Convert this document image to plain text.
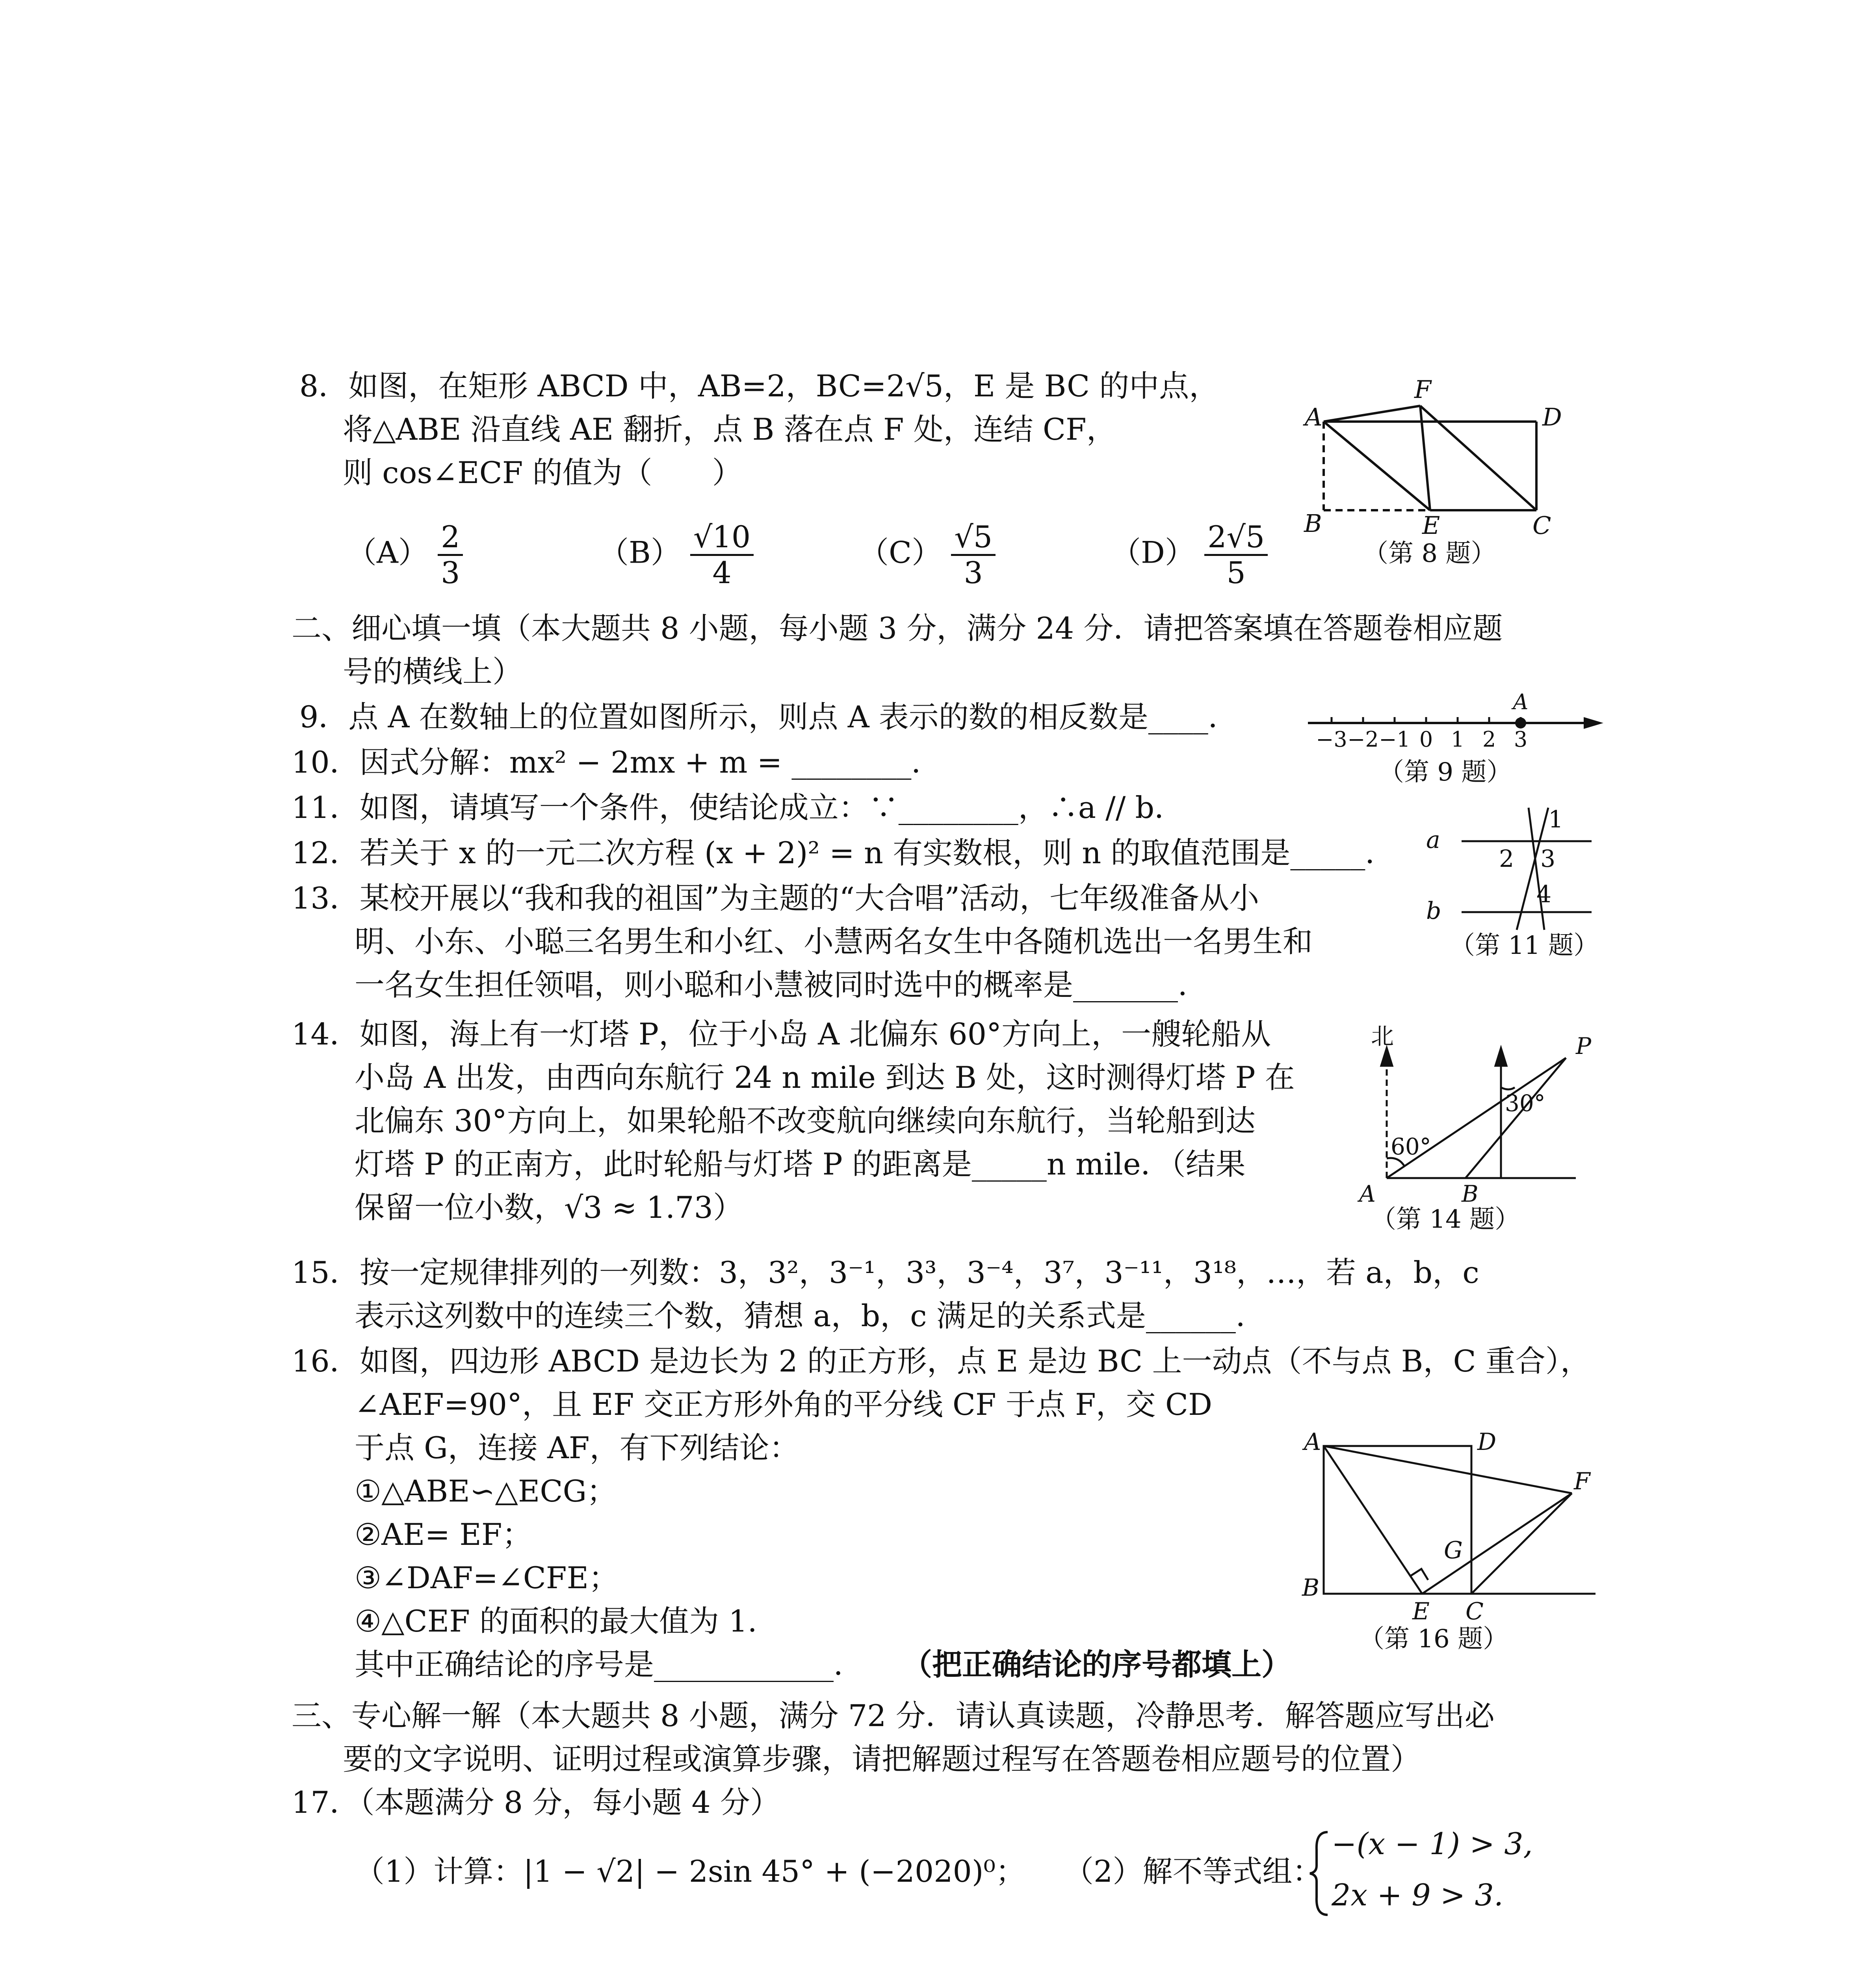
8．如图，在矩形 ABCD 中，AB=2，BC=2√5，E 是 BC 的中点，
将△ABE 沿直线 AE 翻折，点 B 落在点 F 处，连结 CF，
则 cos∠ECF 的值为（　　）
$(A) \frac{2}{3}$	$(B) \frac{√10}{4}$	$(C) \frac{√5}{3}$	$(D) \frac{2√5}{5}$
A
F
D
B	E	C
（第 8 题）
二、细心填一填（本大题共 8 小题，每小题 3 分，满分 24 分．请把答案填在答题卷相应题
号的横线上）
9．点 A 在数轴上的位置如图所示，则点 A 表示的数的相反数是____．
−3 −2 −1 0 1 2 3
A
（第 9 题）
10．因式分解：mx² − 2mx + m = ________．
11．如图，请填写一个条件，使结论成立：∵________，∴a // b．
a
b
1
2 3
4
（第 11 题）
12．若关于 x 的一元二次方程 (x + 2)² = n 有实数根，则 n 的取值范围是_____．
13．某校开展以“我和我的祖国”为主题的“大合唱”活动，七年级准备从小
明、小东、小聪三名男生和小红、小慧两名女生中各随机选出一名男生和
一名女生担任领唱，则小聪和小慧被同时选中的概率是_______．
14．如图，海上有一灯塔 P，位于小岛 A 北偏东 60°方向上，一艘轮船从
小岛 A 出发，由西向东航行 24 n mile 到达 B 处，这时测得灯塔 P 在
北偏东 30°方向上，如果轮船不改变航向继续向东航行，当轮船到达
灯塔 P 的正南方，此时轮船与灯塔 P 的距离是_____n mile．（结果
保留一位小数，√3 ≈ 1.73）
北
60°
30°
P
A	B
（第 14 题）
15．按一定规律排列的一列数：3，3²，3⁻¹，3³，3⁻⁴，3⁷，3⁻¹¹，3¹⁸，…，若 a，b，c
表示这列数中的连续三个数，猜想 a，b，c 满足的关系式是______．
16．如图，四边形 ABCD 是边长为 2 的正方形，点 E 是边 BC 上一动点（不与点 B，C 重合），
∠AEF=90°，且 EF 交正方形外角的平分线 CF 于点 F，交 CD
于点 G，连接 AF，有下列结论：
①△ABE∽△ECG；
②AE= EF；
③∠DAF=∠CFE；
④△CEF 的面积的最大值为 1.
其中正确结论的序号是____________． （把正确结论的序号都填上）
A	D
F
G
B
E C
（第 16 题）
三、专心解一解（本大题共 8 小题，满分 72 分．请认真读题，冷静思考．解答题应写出必
要的文字说明、证明过程或演算步骤，请把解题过程写在答题卷相应题号的位置）
17．（本题满分 8 分，每小题 4 分）
（1）计算：|1 − √2| − 2sin 45° + (−2020)⁰； （2）解不等式组：
−(x − 1) > 3,
2x + 9 > 3.
